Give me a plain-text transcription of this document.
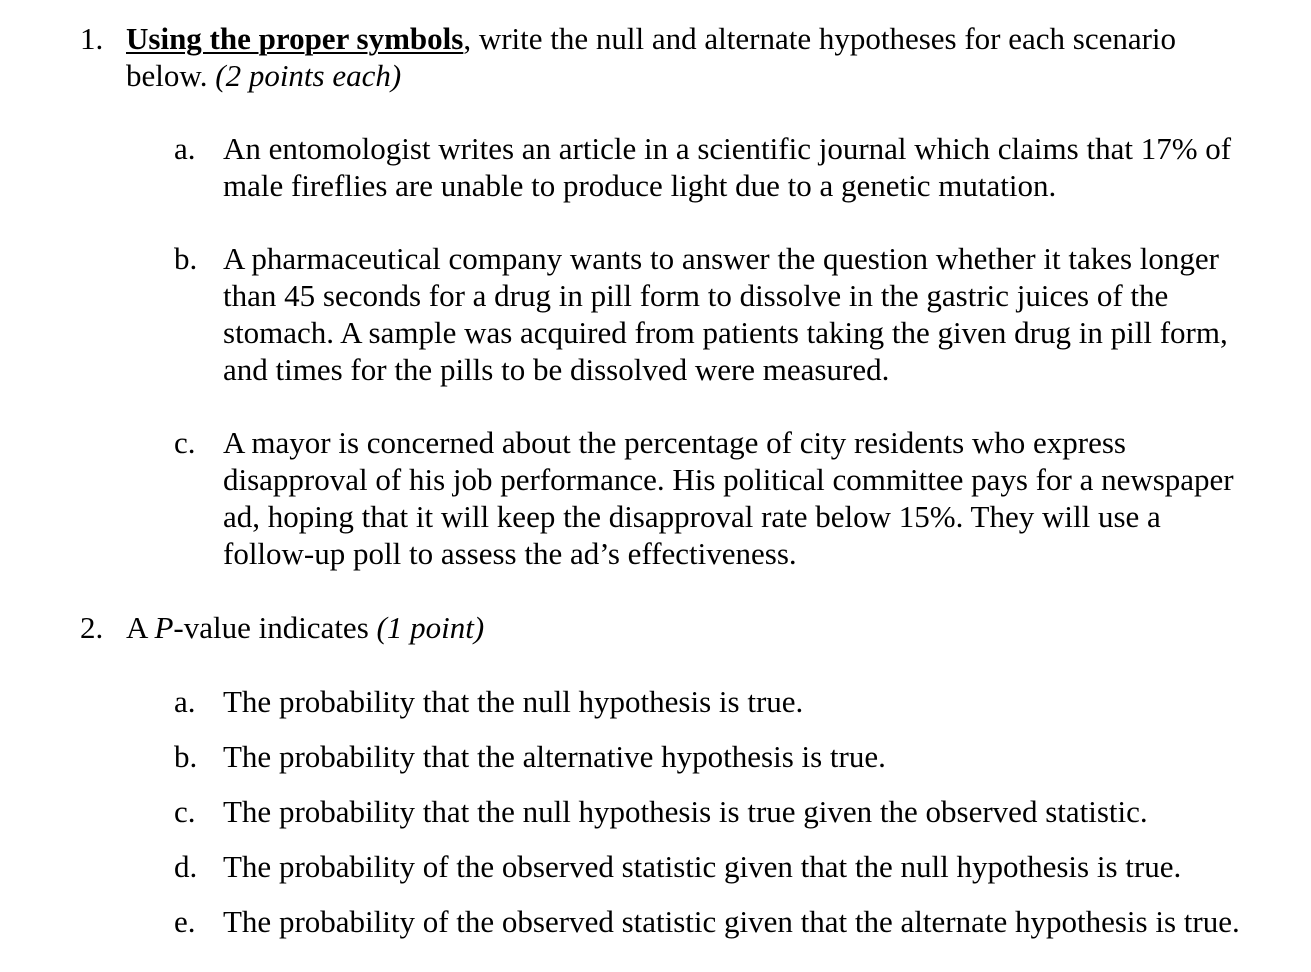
1. Using the proper symbols, write the null and alternate hypotheses for each scenario
below. (2 points each)
a. An entomologist writes an article in a scientific journal which claims that 17% of
male fireflies are unable to produce light due to a genetic mutation.
b. A pharmaceutical company wants to answer the question whether it takes longer
than 45 seconds for a drug in pill form to dissolve in the gastric juices of the
stomach. A sample was acquired from patients taking the given drug in pill form,
and times for the pills to be dissolved were measured.
c. A mayor is concerned about the percentage of city residents who express
disapproval of his job performance. His political committee pays for a newspaper
ad, hoping that it will keep the disapproval rate below 15%. They will use a
follow-up poll to assess the ad’s effectiveness.
2. A P-value indicates (1 point)
a. The probability that the null hypothesis is true.
b. The probability that the alternative hypothesis is true.
c. The probability that the null hypothesis is true given the observed statistic.
d. The probability of the observed statistic given that the null hypothesis is true.
e. The probability of the observed statistic given that the alternate hypothesis is true.
